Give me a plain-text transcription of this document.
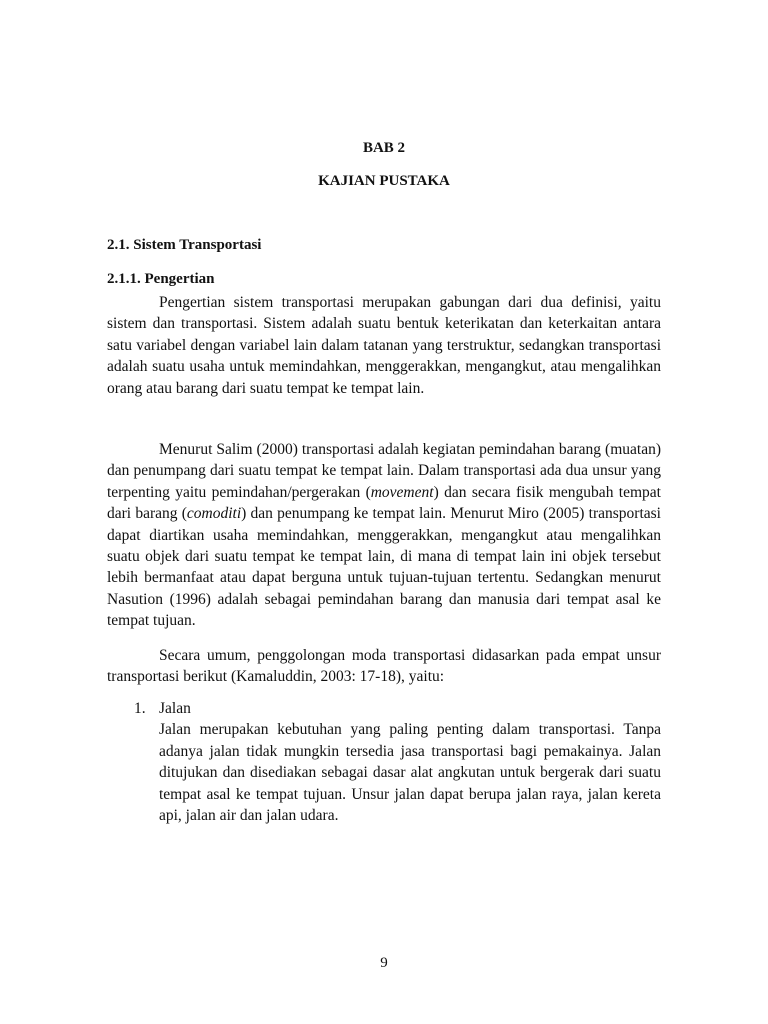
BAB 2
KAJIAN PUSTAKA
2.1. Sistem Transportasi
2.1.1. Pengertian

Pengertian sistem transportasi merupakan gabungan dari dua definisi, yaitu sistem dan transportasi. Sistem adalah suatu bentuk keterikatan dan keterkaitan antara satu variabel dengan variabel lain dalam tatanan yang terstruktur, sedangkan transportasi adalah suatu usaha untuk memindahkan, menggerakkan, mengangkut, atau mengalihkan orang atau barang dari suatu tempat ke tempat lain.

Menurut Salim (2000) transportasi adalah kegiatan pemindahan barang (muatan) dan penumpang dari suatu tempat ke tempat lain. Dalam transportasi ada dua unsur yang terpenting yaitu pemindahan/pergerakan (movement) dan secara fisik mengubah tempat dari barang (comoditi) dan penumpang ke tempat lain. Menurut Miro (2005) transportasi dapat diartikan usaha memindahkan, menggerakkan, mengangkut atau mengalihkan suatu objek dari suatu tempat ke tempat lain, di mana di tempat lain ini objek tersebut lebih bermanfaat atau dapat berguna untuk tujuan-tujuan tertentu. Sedangkan menurut Nasution (1996) adalah sebagai pemindahan barang dan manusia dari tempat asal ke tempat tujuan.

Secara umum, penggolongan moda transportasi didasarkan pada empat unsur transportasi berikut (Kamaluddin, 2003: 17-18), yaitu:

1. Jalan

Jalan merupakan kebutuhan yang paling penting dalam transportasi. Tanpa adanya jalan tidak mungkin tersedia jasa transportasi bagi pemakainya. Jalan ditujukan dan disediakan sebagai dasar alat angkutan untuk bergerak dari suatu tempat asal ke tempat tujuan. Unsur jalan dapat berupa jalan raya, jalan kereta api, jalan air dan jalan udara.

9
